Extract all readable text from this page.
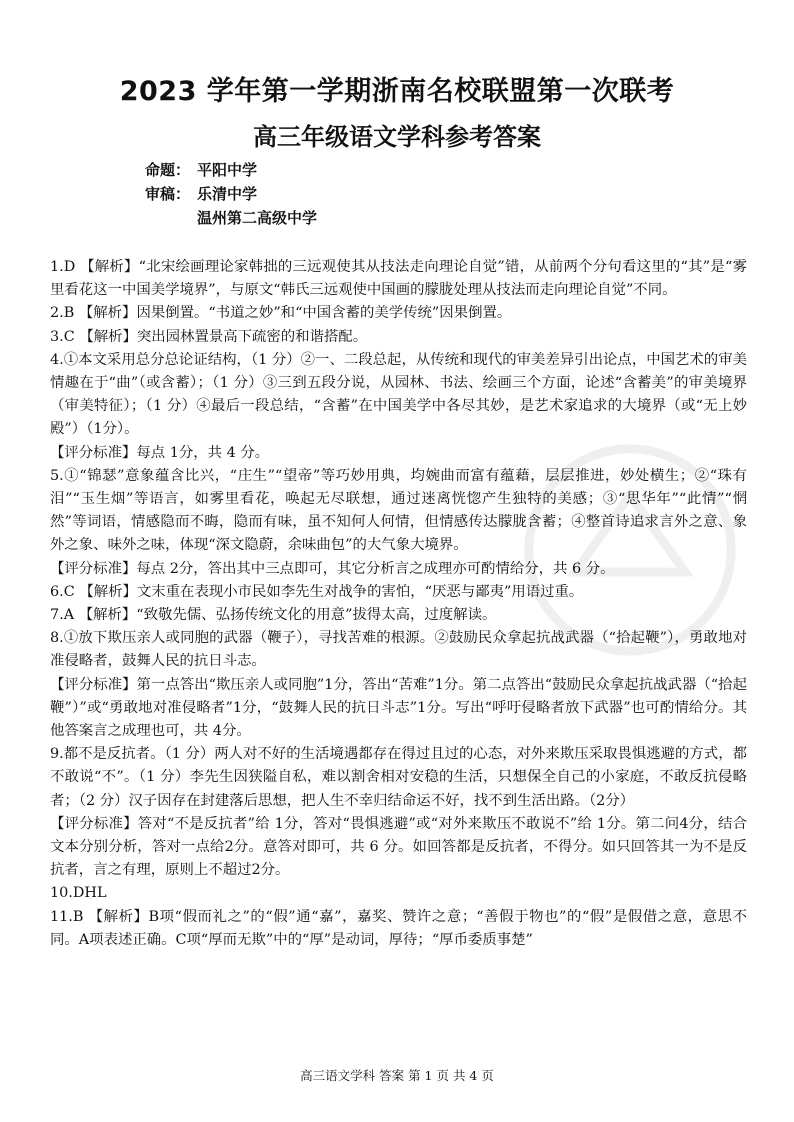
2023 学年第一学期浙南名校联盟第一次联考
高三年级语文学科参考答案
命题： 平阳中学
审稿： 乐清中学
温州第二高级中学

1.D 【解析】“北宋绘画理论家韩拙的三远观使其从技法走向理论自觉”错，从前两个分句看这里的“其”是“雾里看花这一中国美学境界”，与原文“韩氏三远观使中国画的朦胧处理从技法而走向理论自觉”不同。

2.B 【解析】因果倒置。“书道之妙”和“中国含蓄的美学传统”因果倒置。

3.C 【解析】突出园林置景高下疏密的和谐搭配。

4.①本文采用总分总论证结构，（1 分）②一、二段总起，从传统和现代的审美差异引出论点，中国艺术的审美情趣在于“曲”（或含蓄）；（1 分）③三到五段分说，从园林、书法、绘画三个方面，论述“含蓄美”的审美境界（审美特征）；（1 分）④最后一段总结，“含蓄”在中国美学中各尽其妙，是艺术家追求的大境界（或“无上妙殿”）（1分）。

【评分标准】每点 1分，共 4 分。

5.①“锦瑟”意象蕴含比兴，“庄生”“望帝”等巧妙用典，均婉曲而富有蕴藉，层层推进，妙处横生；②“珠有泪”“玉生烟”等语言，如雾里看花，唤起无尽联想，通过迷离恍惚产生独特的美感；③“思华年”“此情”“惘然”等词语，情感隐而不晦，隐而有味，虽不知何人何情，但情感传达朦胧含蓄；④整首诗追求言外之意、象外之象、味外之味，体现“深文隐蔚，余味曲包”的大气象大境界。

【评分标准】每点 2分，答出其中三点即可，其它分析言之成理亦可酌情给分，共 6 分。

6.C 【解析】文末重在表现小市民如李先生对战争的害怕，“厌恶与鄙夷”用语过重。

7.A 【解析】“致敬先儒、弘扬传统文化的用意”拔得太高，过度解读。

8.①放下欺压亲人或同胞的武器（鞭子），寻找苦难的根源。②鼓励民众拿起抗战武器（“拾起鞭”），勇敢地对准侵略者，鼓舞人民的抗日斗志。

【评分标准】第一点答出“欺压亲人或同胞”1分，答出“苦难”1分。第二点答出“鼓励民众拿起抗战武器（“拾起鞭”）”或“勇敢地对准侵略者”1分，“鼓舞人民的抗日斗志”1分。写出“呼吁侵略者放下武器”也可酌情给分。其他答案言之成理也可，共 4分。

9.都不是反抗者。（1 分）两人对不好的生活境遇都存在得过且过的心态，对外来欺压采取畏惧逃避的方式，都不敢说“不”。（1 分）李先生因狭隘自私，难以割舍相对安稳的生活，只想保全自己的小家庭，不敢反抗侵略者；（2 分）汉子因存在封建落后思想，把人生不幸归结命运不好，找不到生活出路。（2分）

【评分标准】答对“不是反抗者”给 1分，答对“畏惧逃避”或“对外来欺压不敢说不”给 1分。第二问4分，结合文本分别分析，答对一点给2分。意答对即可，共 6 分。如回答都是反抗者，不得分。如只回答其一为不是反抗者，言之有理，原则上不超过2分。

10.DHL

11.B 【解析】B项“假而礼之”的“假”通“嘉”，嘉奖、赞许之意；“善假于物也”的“假”是假借之意，意思不同。A项表述正确。C项“厚而无欺”中的“厚”是动词，厚待；“厚币委质事楚”

高三语文学科 答案 第 1 页 共 4 页
